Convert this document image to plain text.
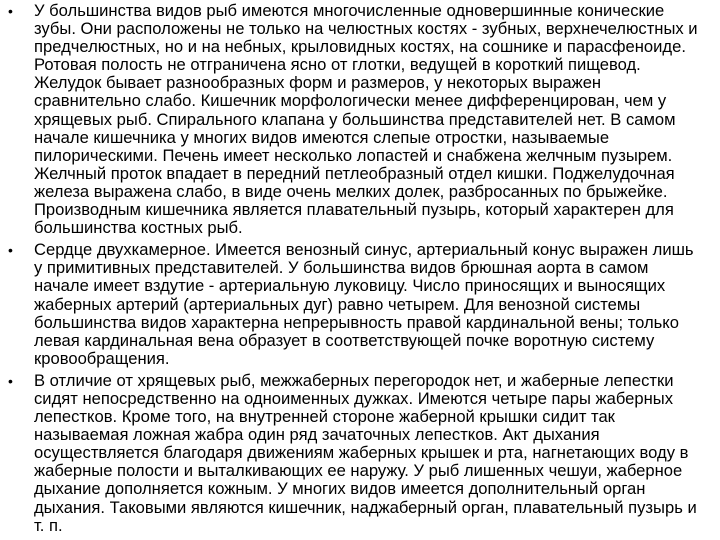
•	У большинства видов рыб имеются многочисленные одновершинные конические зубы. Они расположены не только на челюстных костях - зубных, верхнечелюстных и предчелюстных, но и на небных, крыловидных костях, на сошнике и парасфеноиде. Ротовая полость не отграничена ясно от глотки, ведущей в короткий пищевод. Желудок бывает разнообразных форм и размеров, у некоторых выражен сравнительно слабо. Кишечник морфологически менее дифференцирован, чем у хрящевых рыб. Спирального клапана у большинства представителей нет. В самом начале кишечника у многих видов имеются слепые отростки, называемые пилорическими. Печень имеет несколько лопастей и снабжена желчным пузырем. Желчный проток впадает в передний петлеобразный отдел кишки. Поджелудочная железа выражена слабо, в виде очень мелких долек, разбросанных по брыжейке. Производным кишечника является плавательный пузырь, который характерен для большинства костных рыб.
•	Сердце двухкамерное. Имеется венозный синус, артериальный конус выражен лишь у примитивных представителей. У большинства видов брюшная аорта в самом начале имеет вздутие - артериальную луковицу. Число приносящих и выносящих жаберных артерий (артериальных дуг) равно четырем. Для венозной системы большинства видов характерна непрерывность правой кардинальной вены; только левая кардинальная вена образует в соответствующей почке воротную систему кровообращения.
•	В отличие от хрящевых рыб, межжаберных перегородок нет, и жаберные лепестки сидят непосредственно на одноименных дужках. Имеются четыре пары жаберных лепестков. Кроме того, на внутренней стороне жаберной крышки сидит так называемая ложная жабра один ряд зачаточных лепестков. Акт дыхания осуществляется благодаря движениям жаберных крышек и рта, нагнетающих воду в жаберные полости и выталкивающих ее наружу. У рыб лишенных чешуи, жаберное дыхание дополняется кожным. У многих видов имеется дополнительный орган дыхания. Таковыми являются кишечник, наджаберный орган, плавательный пузырь и т. п.
